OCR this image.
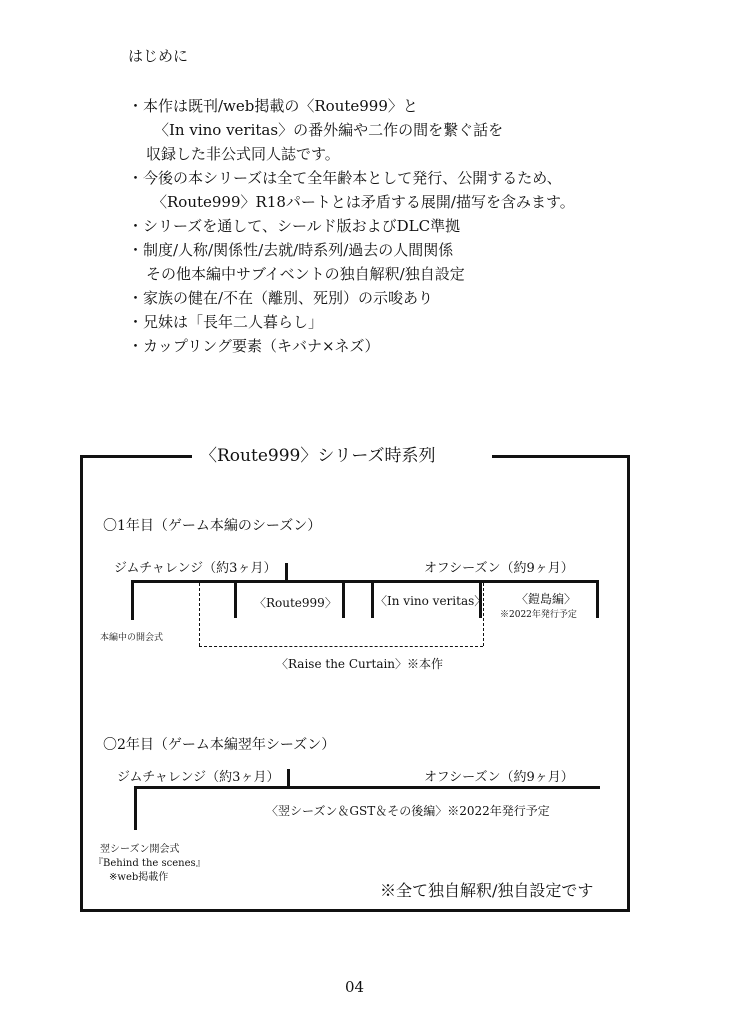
はじめに
・本作は既刊/web掲載の〈Route999〉と
〈In vino veritas〉の番外編や二作の間を繋ぐ話を
収録した非公式同人誌です。
・今後の本シリーズは全て全年齢本として発行、公開するため、
〈Route999〉R18パートとは矛盾する展開/描写を含みます。
・シリーズを通して、シールド版およびDLC準拠
・制度/人称/関係性/去就/時系列/過去の人間関係
その他本編中サブイベントの独自解釈/独自設定
・家族の健在/不在（離別、死別）の示唆あり
・兄妹は「長年二人暮らし」
・カップリング要素（キバナ×ネズ）
〈Route999〉シリーズ時系列
〇1年目（ゲーム本編のシーズン）
ジムチャレンジ（約3ヶ月）	オフシーズン（約9ヶ月）
〈Route999〉	〈In vino veritas〉 〈鎧島編〉
※2022年発行予定
本編中の開会式
〈Raise the Curtain〉※本作
〇2年目（ゲーム本編翌年シーズン）
ジムチャレンジ（約3ヶ月）	オフシーズン（約9ヶ月）
〈翌シーズン＆GST＆その後編〉※2022年発行予定
翌シーズン開会式
『Behind the scenes』
※web掲載作
※全て独自解釈/独自設定です
04
